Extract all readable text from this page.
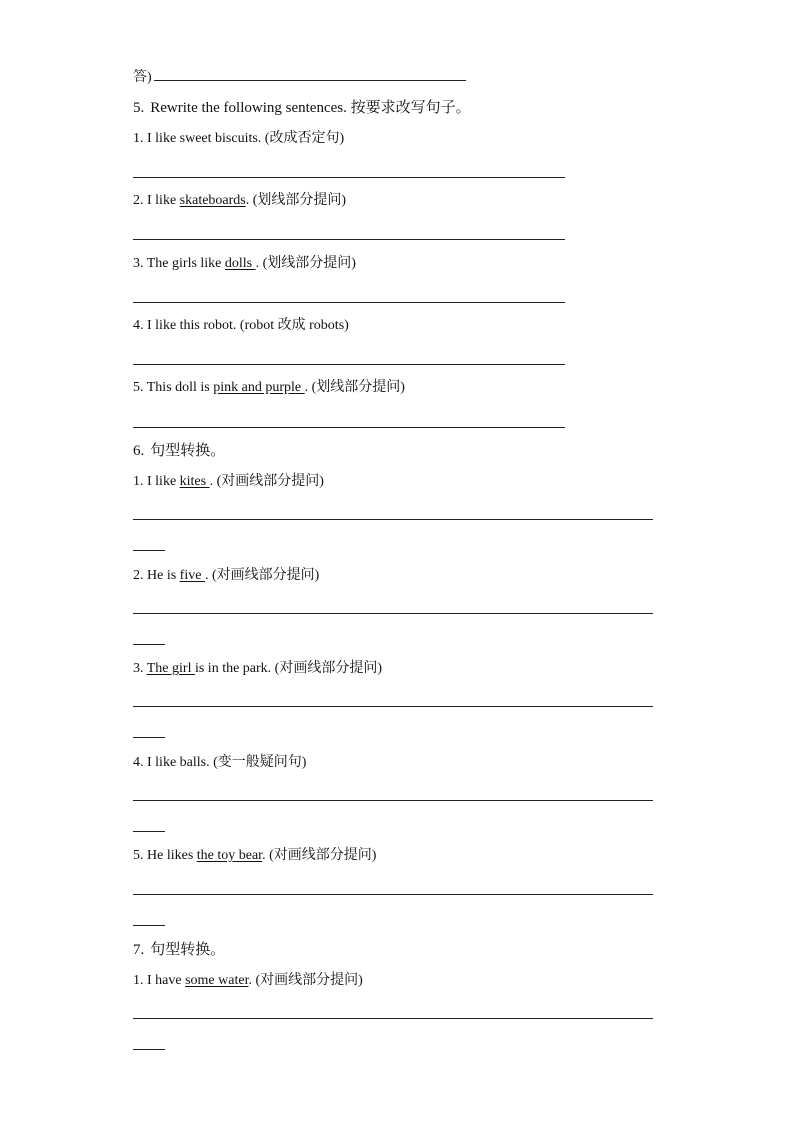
答)
5. Rewrite the following sentences. 按要求改写句子。
1. I like sweet biscuits. (改成否定句)
2. I like skateboards. (划线部分提问)
3. The girls like dolls . (划线部分提问)
4. I like this robot. (robot 改成 robots)
5. This doll is pink and purple . (划线部分提问)
6. 句型转换。
1. I like kites . (对画线部分提问)
2. He is five . (对画线部分提问)
3. The girl is in the park. (对画线部分提问)
4. I like balls. (变一般疑问句)
5. He likes the toy bear. (对画线部分提问)
7. 句型转换。
1. I have some water. (对画线部分提问)
